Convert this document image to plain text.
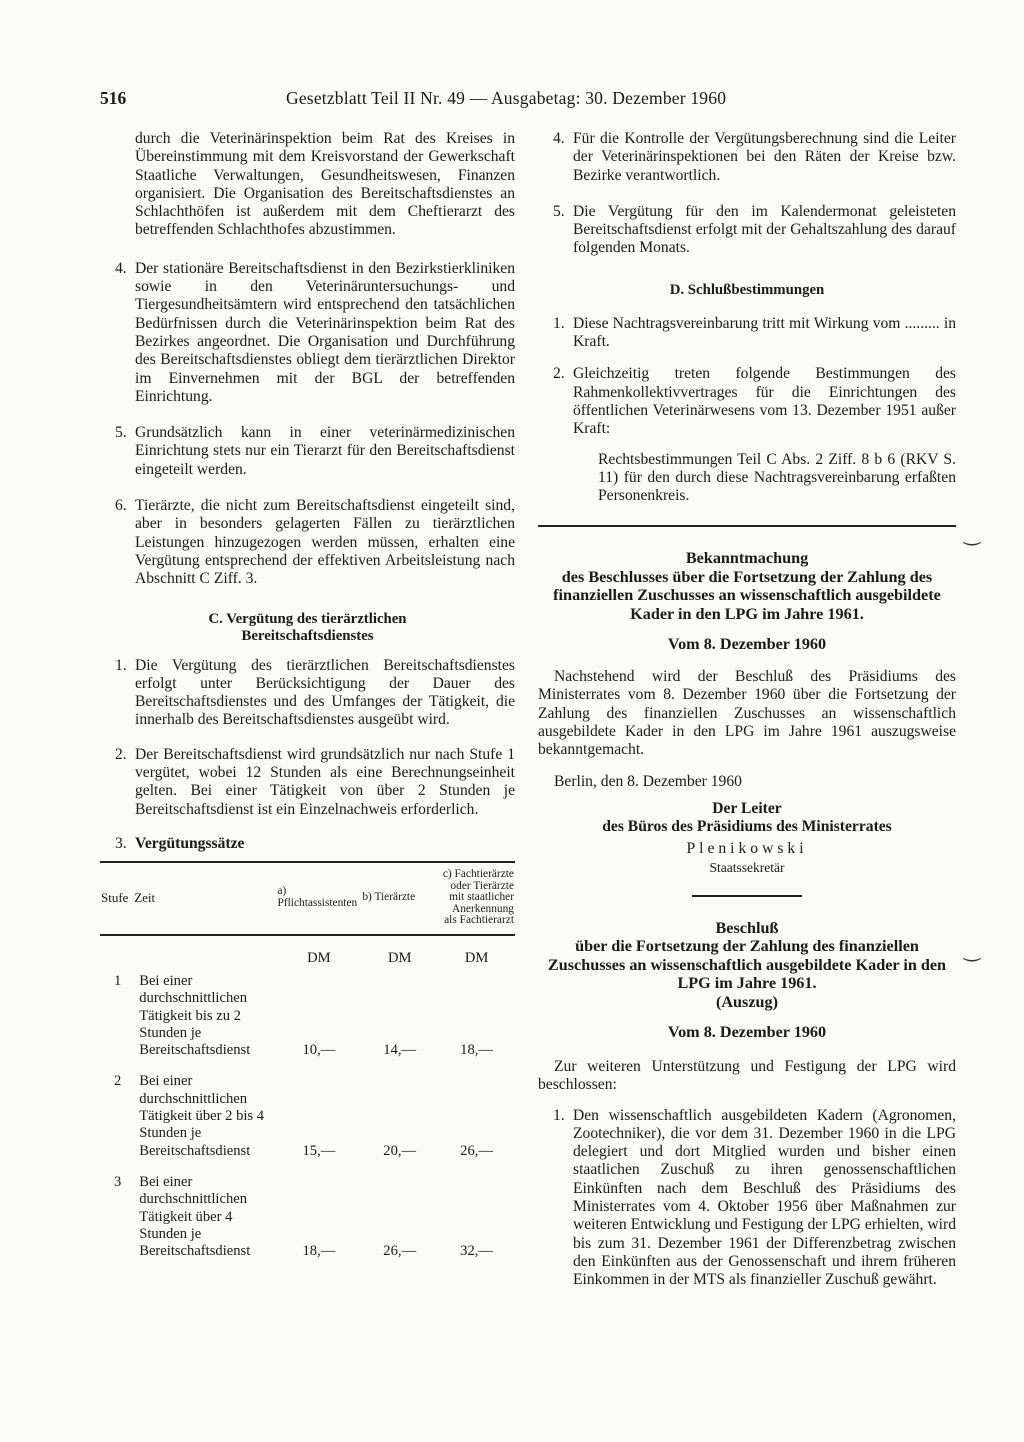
516	Gesetzblatt Teil II Nr. 49 — Ausgabetag: 30. Dezember 1960

durch die Veterinärinspektion beim Rat des Kreises in Übereinstimmung mit dem Kreisvorstand der Gewerkschaft Staatliche Verwaltungen, Gesundheitswesen, Finanzen organisiert. Die Organisation des Bereitschaftsdienstes an Schlachthöfen ist außerdem mit dem Cheftierarzt des betreffenden Schlachthofes abzustimmen.

4. Der stationäre Bereitschaftsdienst in den Bezirkstierkliniken sowie in den Veterinäruntersuchungs- und Tiergesundheitsämtern wird entsprechend den tatsächlichen Bedürfnissen durch die Veterinärinspektion beim Rat des Bezirkes angeordnet. Die Organisation und Durchführung des Bereitschaftsdienstes obliegt dem tierärztlichen Direktor im Einvernehmen mit der BGL der betreffenden Einrichtung.
5. Grundsätzlich kann in einer veterinärmedizinischen Einrichtung stets nur ein Tierarzt für den Bereitschaftsdienst eingeteilt werden.
6. Tierärzte, die nicht zum Bereitschaftsdienst eingeteilt sind, aber in besonders gelagerten Fällen zu tierärztlichen Leistungen hinzugezogen werden müssen, erhalten eine Vergütung entsprechend der effektiven Arbeitsleistung nach Abschnitt C Ziff. 3.
C. Vergütung des tierärztlichen
Bereitschaftsdienstes
1. Die Vergütung des tierärztlichen Bereitschaftsdienstes erfolgt unter Berücksichtigung der Dauer des Bereitschaftsdienstes und des Umfanges der Tätigkeit, die innerhalb des Bereitschaftsdienstes ausgeübt wird.
2. Der Bereitschaftsdienst wird grundsätzlich nur nach Stufe 1 vergütet, wobei 12 Stunden als eine Berechnungseinheit gelten. Bei einer Tätigkeit von über 2 Stunden je Bereitschaftsdienst ist ein Einzelnachweis erforderlich.
3. Vergütungssätze
Stufe	Zeit	a) Pflichtassistenten	b) Tierärzte	c) Fachtierärzte oder Tierärzte mit staatlicher Anerkennung als Fachtierarzt
		DM	DM	DM
1	Bei einer durchschnittlichen Tätigkeit bis zu 2 Stunden je Bereitschaftsdienst	10,—	14,—	18,—
2	Bei einer durchschnittlichen Tätigkeit über 2 bis 4 Stunden je Bereitschaftsdienst	15,—	20,—	26,—
3	Bei einer durchschnittlichen Tätigkeit über 4 Stunden je Bereitschaftsdienst	18,—	26,—	32,—
4. Für die Kontrolle der Vergütungsberechnung sind die Leiter der Veterinärinspektionen bei den Räten der Kreise bzw. Bezirke verantwortlich.
5. Die Vergütung für den im Kalendermonat geleisteten Bereitschaftsdienst erfolgt mit der Gehaltszahlung des darauf folgenden Monats.
D. Schlußbestimmungen
1. Diese Nachtragsvereinbarung tritt mit Wirkung vom ......... in Kraft.
2. Gleichzeitig treten folgende Bestimmungen des Rahmenkollektivvertrages für die Einrichtungen des öffentlichen Veterinärwesens vom 13. Dezember 1951 außer Kraft:
Rechtsbestimmungen Teil C Abs. 2 Ziff. 8 b 6 (RKV S. 11) für den durch diese Nachtragsvereinbarung erfaßten Personenkreis.
Bekanntmachung
des Beschlusses über die Fortsetzung der Zahlung des finanziellen Zuschusses an wissenschaftlich ausgebildete Kader in den LPG im Jahre 1961.
Vom 8. Dezember 1960

Nachstehend wird der Beschluß des Präsidiums des Ministerrates vom 8. Dezember 1960 über die Fortsetzung der Zahlung des finanziellen Zuschusses an wissenschaftlich ausgebildete Kader in den LPG im Jahre 1961 auszugsweise bekanntgemacht.

Berlin, den 8. Dezember 1960

Der Leiter
des Büros des Präsidiums des Ministerrates
Plenikowski
Staatssekretär
Beschluß
über die Fortsetzung der Zahlung des finanziellen Zuschusses an wissenschaftlich ausgebildete Kader in den LPG im Jahre 1961.
(Auszug)
Vom 8. Dezember 1960

Zur weiteren Unterstützung und Festigung der LPG wird beschlossen:

1. Den wissenschaftlich ausgebildeten Kadern (Agronomen, Zootechniker), die vor dem 31. Dezember 1960 in die LPG delegiert und dort Mitglied wurden und bisher einen staatlichen Zuschuß zu ihren genossenschaftlichen Einkünften nach dem Beschluß des Präsidiums des Ministerrates vom 4. Oktober 1956 über Maßnahmen zur weiteren Entwicklung und Festigung der LPG erhielten, wird bis zum 31. Dezember 1961 der Differenzbetrag zwischen den Einkünften aus der Genossenschaft und ihrem früheren Einkommen in der MTS als finanzieller Zuschuß gewährt.
‿
‿
